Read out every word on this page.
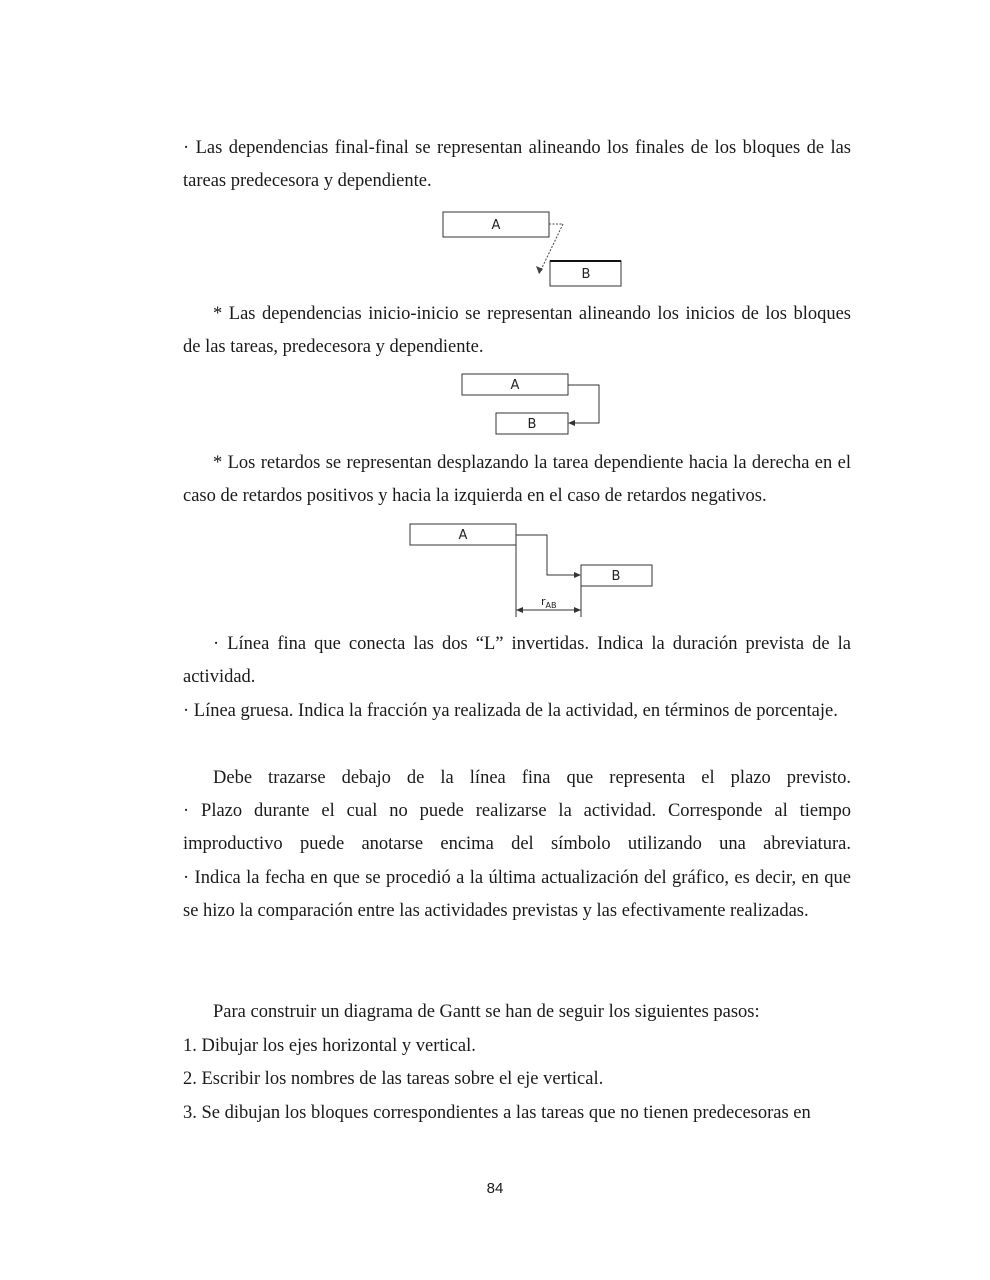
· Las dependencias final-final se representan alineando los finales de los bloques de las tareas predecesora y dependiente.

A
B

* Las dependencias inicio-inicio se representan alineando los inicios de los bloques de las tareas, predecesora y dependiente.

A
B

* Los retardos se representan desplazando la tarea dependiente hacia la derecha en el caso de retardos positivos y hacia la izquierda en el caso de retardos negativos.

A
B
$r_{AB}$

· Línea fina que conecta las dos “L” invertidas. Indica la duración prevista de la actividad.

· Línea gruesa. Indica la fracción ya realizada de la actividad, en términos de porcentaje.

Debe trazarse debajo de la línea fina que representa el plazo previsto.

· Plazo durante el cual no puede realizarse la actividad. Corresponde al tiempo improductivo puede anotarse encima del símbolo utilizando una abreviatura.

· Indica la fecha en que se procedió a la última actualización del gráfico, es decir, en que se hizo la comparación entre las actividades previstas y las efectivamente realizadas.

Para construir un diagrama de Gantt se han de seguir los siguientes pasos:

1. Dibujar los ejes horizontal y vertical.

2. Escribir los nombres de las tareas sobre el eje vertical.

3. Se dibujan los bloques correspondientes a las tareas que no tienen predecesoras en

84
